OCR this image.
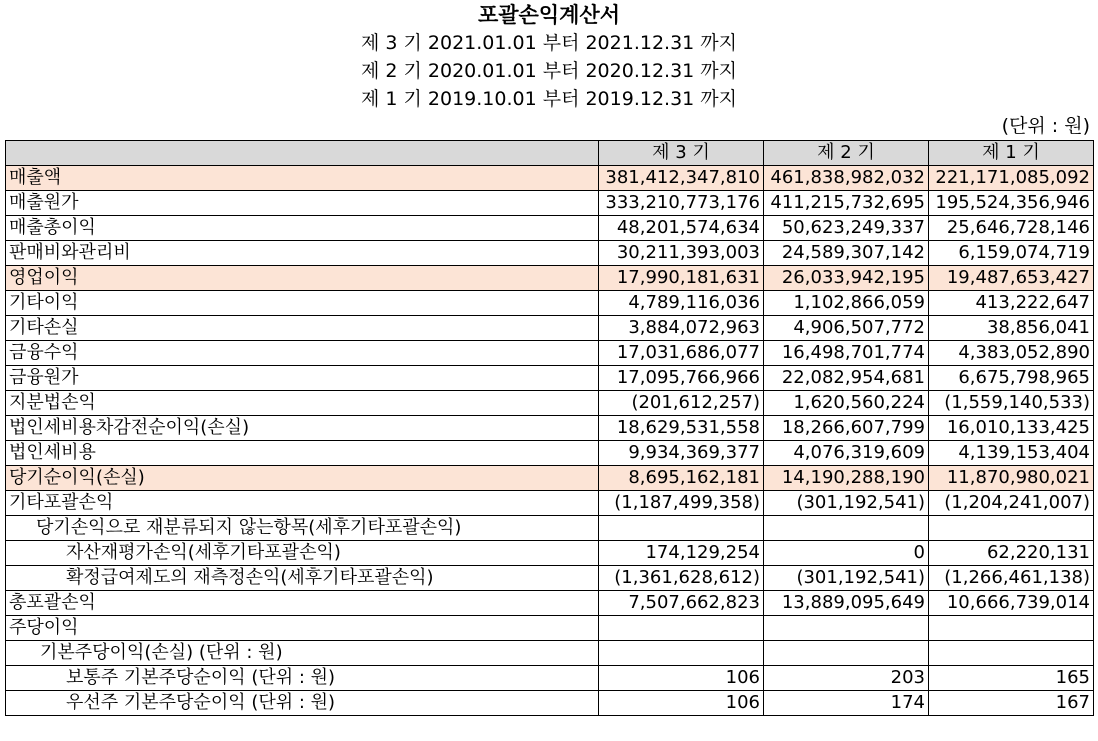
포괄손익계산서
제 3 기 2021.01.01 부터 2021.12.31 까지
제 2 기 2020.01.01 부터 2020.12.31 까지
제 1 기 2019.10.01 부터 2019.12.31 까지
(단위 : 원)
	제 3 기	제 2 기	제 1 기
매출액	381,412,347,810	461,838,982,032	221,171,085,092
매출원가	333,210,773,176	411,215,732,695	195,524,356,946
매출총이익	48,201,574,634	50,623,249,337	25,646,728,146
판매비와관리비	30,211,393,003	24,589,307,142	6,159,074,719
영업이익	17,990,181,631	26,033,942,195	19,487,653,427
기타이익	4,789,116,036	1,102,866,059	413,222,647
기타손실	3,884,072,963	4,906,507,772	38,856,041
금융수익	17,031,686,077	16,498,701,774	4,383,052,890
금융원가	17,095,766,966	22,082,954,681	6,675,798,965
지분법손익	(201,612,257)	1,620,560,224	(1,559,140,533)
법인세비용차감전순이익(손실)	18,629,531,558	18,266,607,799	16,010,133,425
법인세비용	9,934,369,377	4,076,319,609	4,139,153,404
당기순이익(손실)	8,695,162,181	14,190,288,190	11,870,980,021
기타포괄손익	(1,187,499,358)	(301,192,541)	(1,204,241,007)
당기손익으로 재분류되지 않는항목(세후기타포괄손익)			
자산재평가손익(세후기타포괄손익)	174,129,254	0	62,220,131
확정급여제도의 재측정손익(세후기타포괄손익)	(1,361,628,612)	(301,192,541)	(1,266,461,138)
총포괄손익	7,507,662,823	13,889,095,649	10,666,739,014
주당이익			
기본주당이익(손실) (단위 : 원)			
보통주 기본주당순이익 (단위 : 원)	106	203	165
우선주 기본주당순이익 (단위 : 원)	106	174	167
